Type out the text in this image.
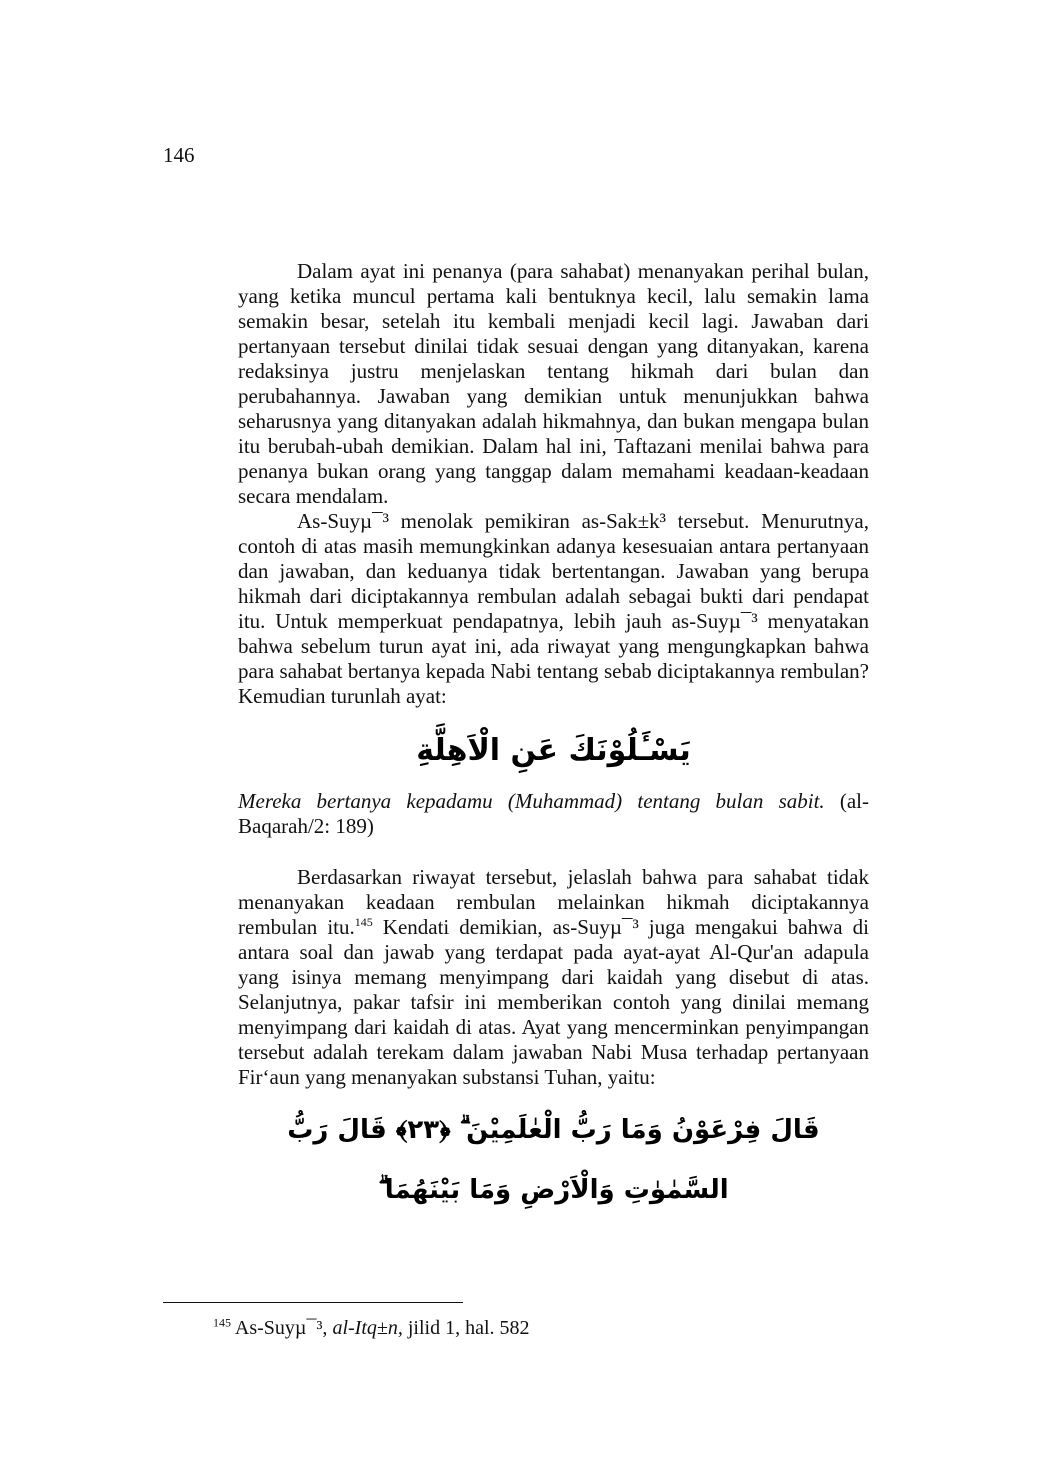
146

Dalam ayat ini penanya (para sahabat) menanyakan perihal bulan, yang ketika muncul pertama kali bentuknya kecil, lalu semakin lama semakin besar, setelah itu kembali menjadi kecil lagi. Jawaban dari pertanyaan tersebut dinilai tidak sesuai dengan yang ditanyakan, karena redaksinya justru menjelaskan tentang hikmah dari bulan dan perubahannya. Jawaban yang demikian untuk menunjukkan bahwa seharusnya yang ditanyakan adalah hikmahnya, dan bukan mengapa bulan itu berubah-ubah demikian. Dalam hal ini, Taftazani menilai bahwa para penanya bukan orang yang tanggap dalam memahami keadaan-keadaan secara mendalam.

As-Suyµ¯³ menolak pemikiran as-Sak±k³ tersebut. Menurutnya, contoh di atas masih memungkinkan adanya kesesuaian antara pertanyaan dan jawaban, dan keduanya tidak bertentangan. Jawaban yang berupa hikmah dari diciptakannya rembulan adalah sebagai bukti dari pendapat itu. Untuk memperkuat pendapatnya, lebih jauh as-Suyµ¯³ menyatakan bahwa sebelum turun ayat ini, ada riwayat yang mengungkapkan bahwa para sahabat bertanya kepada Nabi tentang sebab diciptakannya rembulan? Kemudian turunlah ayat:

يَسْـَٔلُوْنَكَ عَنِ الْاَهِلَّةِ

Mereka bertanya kepadamu (Muhammad) tentang bulan sabit. (al-Baqarah/2: 189)

Berdasarkan riwayat tersebut, jelaslah bahwa para sahabat tidak menanyakan keadaan rembulan melainkan hikmah diciptakannya rembulan itu.$^{145}$ Kendati demikian, as-Suyµ¯³ juga mengakui bahwa di antara soal dan jawab yang terdapat pada ayat-ayat Al-Qur'an adapula yang isinya memang menyimpang dari kaidah yang disebut di atas. Selanjutnya, pakar tafsir ini memberikan contoh yang dinilai memang menyimpang dari kaidah di atas. Ayat yang mencerminkan penyimpangan tersebut adalah terekam dalam jawaban Nabi Musa terhadap pertanyaan Fir‘aun yang menanyakan substansi Tuhan, yaitu:

قَالَ فِرْعَوْنُ وَمَا رَبُّ الْعٰلَمِيْنَ ۗ ﴿٢٣﴾ قَالَ رَبُّ السَّمٰوٰتِ وَالْاَرْضِ وَمَا بَيْنَهُمَا ۗ
$^{145}$ As-Suyµ¯³, al-Itq±n, jilid 1, hal. 582
